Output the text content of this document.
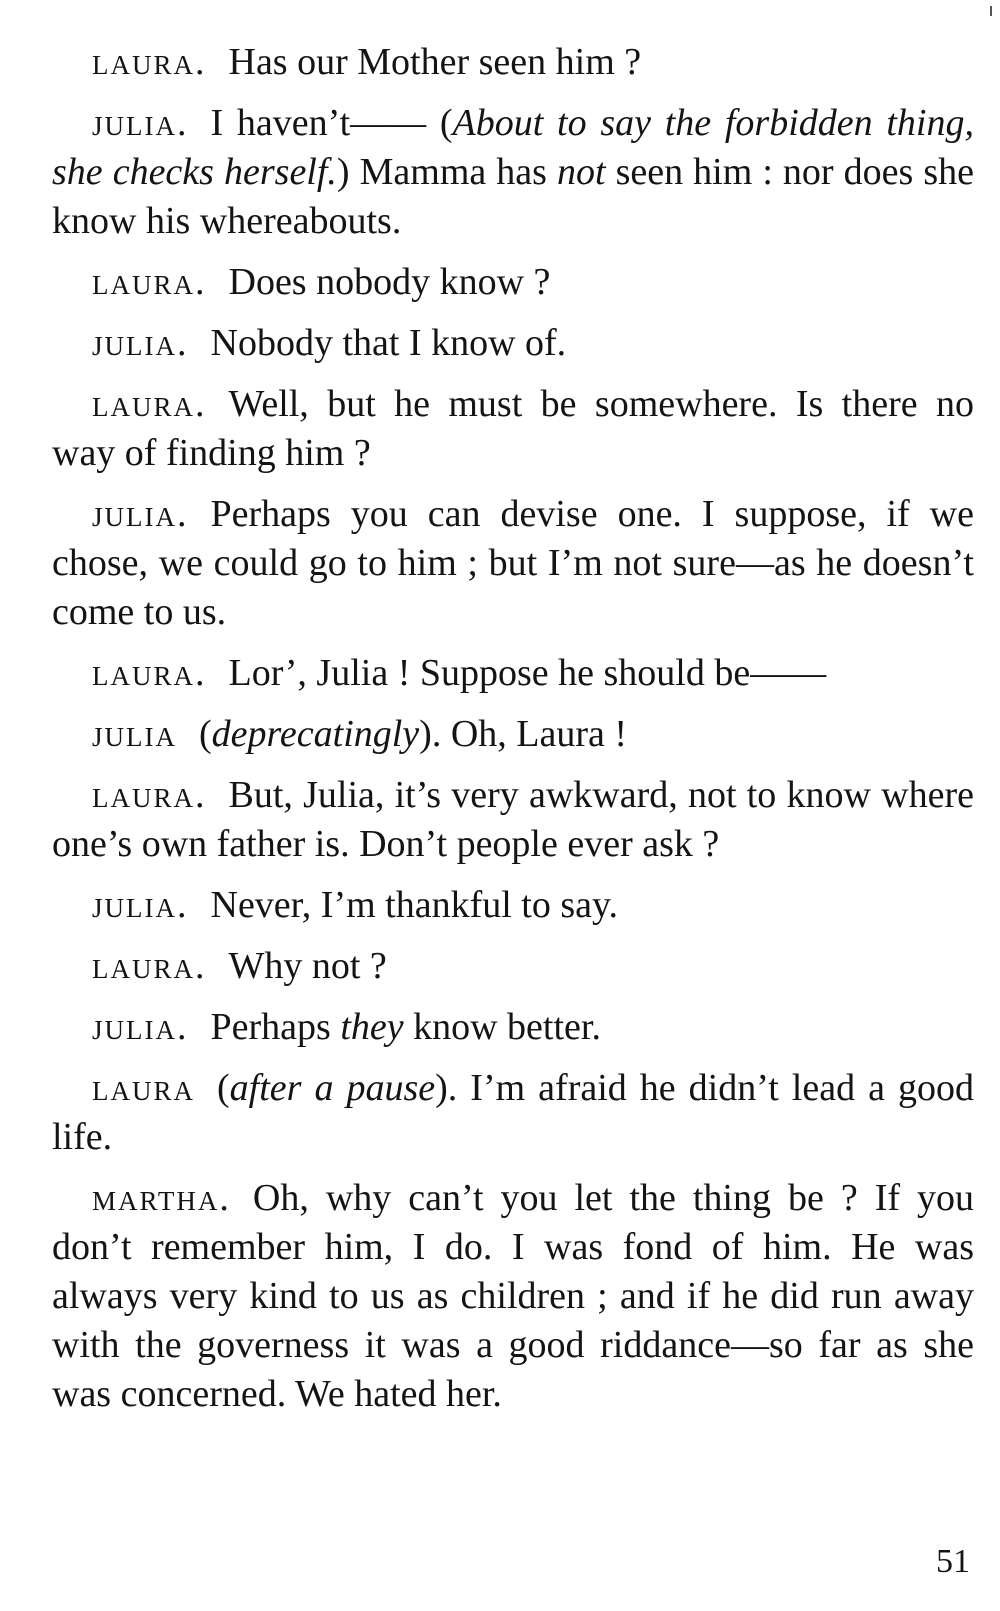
laura. Has our Mother seen him ?

julia. I haven’t—— (About to say the forbidden thing, she checks herself.) Mamma has not seen him : nor does she know his whereabouts.

laura. Does nobody know ?

julia. Nobody that I know of.

laura. Well, but he must be somewhere. Is there no way of finding him ?

julia. Perhaps you can devise one. I suppose, if we chose, we could go to him ; but I’m not sure—as he doesn’t come to us.

laura. Lor’, Julia ! Suppose he should be——

julia (deprecatingly). Oh, Laura !

laura. But, Julia, it’s very awkward, not to know where one’s own father is. Don’t people ever ask ?

julia. Never, I’m thankful to say.

laura. Why not ?

julia. Perhaps they know better.

laura (after a pause). I’m afraid he didn’t lead a good life.

martha. Oh, why can’t you let the thing be ? If you don’t remember him, I do. I was fond of him. He was always very kind to us as children ; and if he did run away with the governess it was a good riddance—so far as she was concerned. We hated her.

51
